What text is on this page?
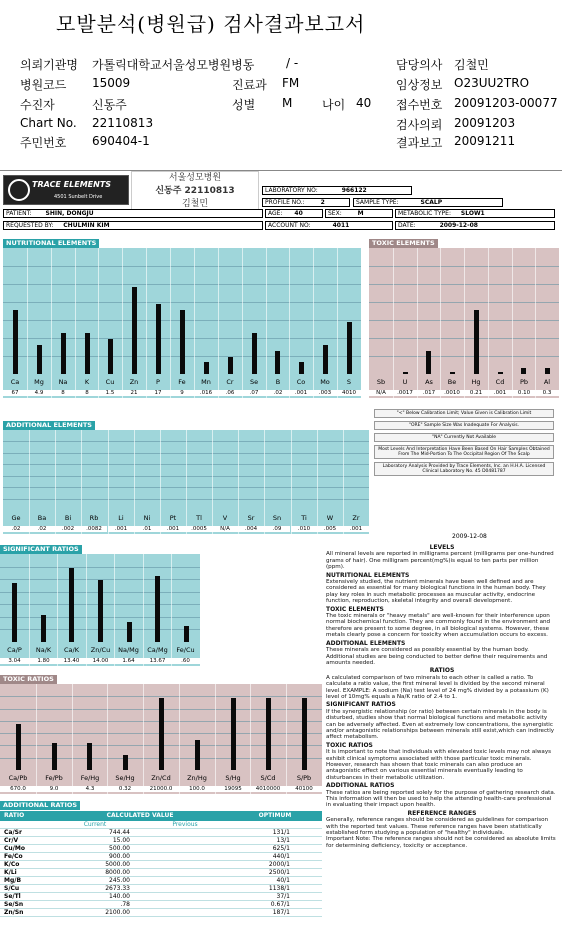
모발분석(병원급) 검사결과보고서
의뢰기관명 가톨릭대학교서울성모병원병동	/ -	담당의사 김철민
병원코드 15009	진료과 FM	임상정보 O23UU2TRO
수진자	신동주	성별 M 나이 40 접수번호 20091203-00077
Chart No. 22110813	검사의뢰 20091203
주민번호 690404-1	결과보고 20091211
TRACE ELEMENTS
4501 Sunbelt Drive
서울성모병원
신동주 22110813
김철민
LABORATORY NO:	966122
PROFILE NO.:	2	SAMPLE TYPE:	SCALP
PATIENT: SHIN, DONGJU	AGE: 40	SEX:	M	METABOLIC TYPE: SLOW1
REQUESTED BY: CHULMIN KIM	ACCOUNT NO:	4011	DATE:	2009-12-08
NUTRITIONAL ELEMENTS
Ca
67
Mg
4.9
Na
8
K
8
Cu
1.5
Zn
21
P
17
Fe
9
Mn
.016
Cr
.06
Se
.07
B
.02
Co
.001
Mo
.003
S
4010
TOXIC ELEMENTS
Sb
N/A
U
.0017
As
.017
Be
.0010
Hg
0.21
Cd
.001
Pb
0.10
Al
0.3
ADDITIONAL ELEMENTS
Ge
.02
Ba
.02
Bi
.002
Rb
.0082
Li
.001
Ni
.01
Pt
.001
Tl
.0005
V
N/A
Sr
.004
Sn
.09
Ti
.010
W
.005
Zr
.001
"<" Below Calibration Limit; Value Given is Calibration Limit
"ORE" Sample Size Was Inadequate For Analysis.
"NA" Currently Not Available
Most Levels And Interpretation Have Been Based On Hair Samples Obtained From The Mid-Portion To The Occipital Region Of The Scalp
Laboratory Analysis Provided by Trace Elements, Inc. an H.H.A. Licensed Clinical Laboratory No. 45 D0481787
2009-12-08
SIGNIFICANT RATIOS
Ca/P
3.04
Na/K
1.80
Ca/K
13.40
Zn/Cu
14.00
Na/Mg
1.64
Ca/Mg
13.67
Fe/Cu
.60
TOXIC RATIOS
Ca/Pb
670.0
Fe/Pb
9.0
Fe/Hg
4.3
Se/Hg
0.32
Zn/Cd
21000.0
Zn/Hg
100.0
S/Hg
19095
S/Cd
4010000
S/Pb
40100
ADDITIONAL RATIOS
RATIO	CALCULATED VALUE	OPTIMUM
Current	Previous
Ca/Sr	744.44	131/1
Cr/V	15.00	13/1
Cu/Mo	500.00	625/1
Fe/Co	900.00	440/1
K/Co	5000.00	2000/1
K/Li	8000.00	2500/1
Mg/B	245.00	40/1
S/Cu	2673.33	1138/1
Se/Tl	140.00	37/1
Se/Sn	.78	0.67/1
Zn/Sn	2100.00	187/1
LEVELS

All mineral levels are reported in milligrams percent (milligrams per one-hundred grams of hair). One milligram percent(mg%)is equal to ten parts per million (ppm).

NUTRITIONAL ELEMENTS

Extensively studied, the nutrient minerals have been well defined and are considered as essential for many biological functions in the human body. They play key roles in such metabolic processes as muscular activity, endocrine function, reproduction, skeletal integrity and overall development.

TOXIC ELEMENTS

The toxic minerals or "heavy metals" are well-known for their interference upon normal biochemical function. They are commonly found in the environment and therefore are present to some degree, in all biological systems. However, these metals clearly pose a concern for toxicity when accumulation occurs to excess.

ADDITIONAL ELEMENTS

These minerals are considered as possibly essential by the human body. Additional studies are being conducted to better define their requirements and amounts needed.

RATIOS

A calculated comparison of two minerals to each other is called a ratio. To calculate a ratio value, the first mineral level is divided by the second mineral level. EXAMPLE: A sodium (Na) test level of 24 mg% divided by a potassium (K) level of 10mg% equals a Na/K ratio of 2.4 to 1.

SIGNIFICANT RATIOS

If the synergistic relationship (or ratio) between certain minerals in the body is disturbed, studies show that normal biological functions and metabolic activity can be adversely affected. Even at extremely low concentrations, the synergistic and/or antagonistic relationships between minerals still exist,which can indirectly affect metabolism.

TOXIC RATIOS

It is important to note that individuals with elevated toxic levels may not always exhibit clinical symptoms associated with those particular toxic minerals. However, research has shown that toxic minerals can also produce an antagonistic effect on various essential minerals eventually leading to disturbances in their metabolic utilization.

ADDITIONAL RATIOS

These ratios are being reported solely for the purpose of gathering research data. This information will then be used to help the attending health-care professional in evaluating their impact upon health.

REFERENCE RANGES

Generally, reference ranges should be considered as guidelines for comparison with the reported test values. These reference ranges have been statistically established form studying a population of "healthy" individuals.

Important Note: The reference ranges should not be considered as absolute limits for determining deficiency, toxicity or acceptance.
